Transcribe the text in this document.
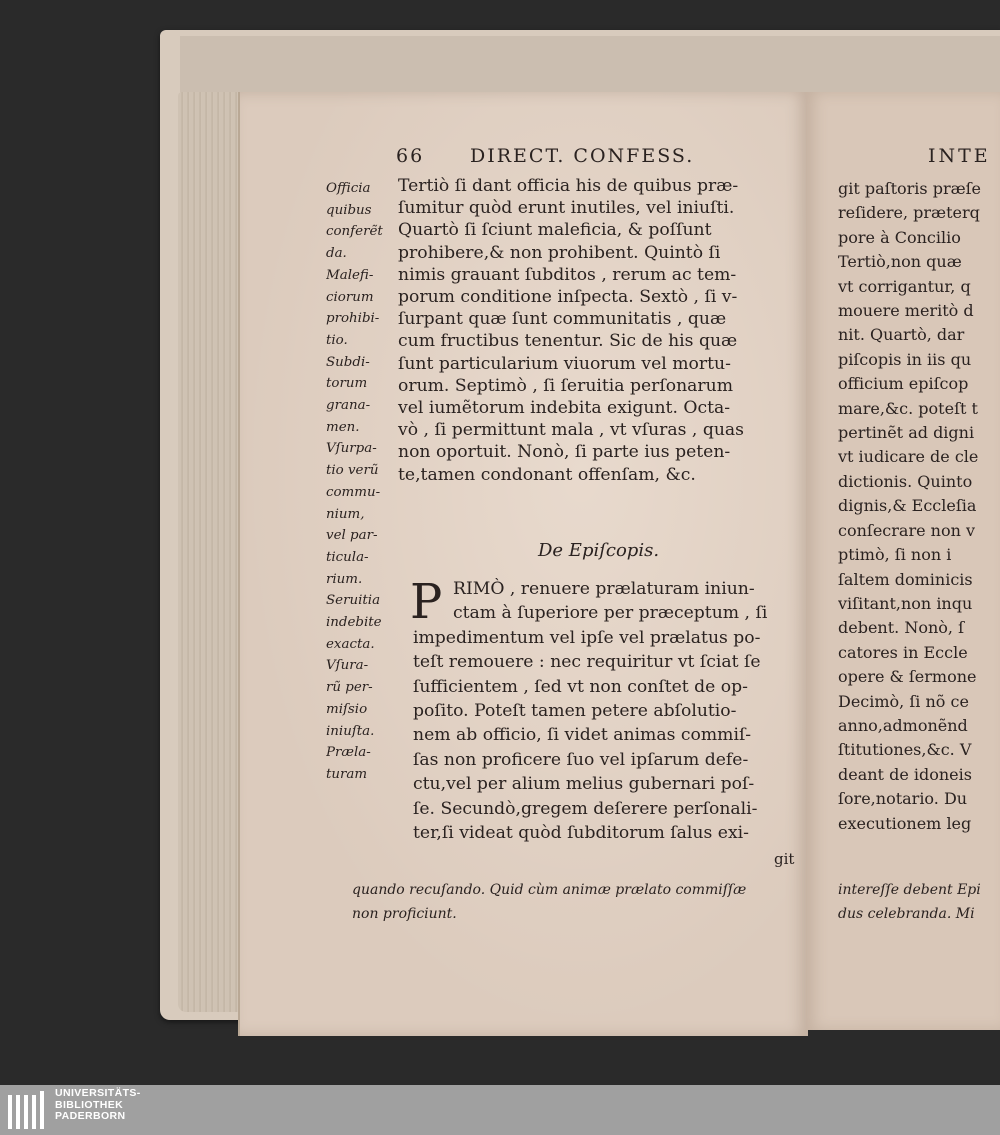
66 DIRECT. CONFESS.
Officia
quibus
conferẽt
da.
Malefi-
ciorum
prohibi-
tio.
Subdi-
torum
grana-
men.
Vſurpa-
tio verũ
commu-
nium,
vel par-
ticula-
rium.
Seruitia
indebite
exacta.
Vſura-
rũ per-
miſsio
iniuſta.
Præla-
turam
Tertiò ſi dant officia his de quibus præ-
ſumitur quòd erunt inutiles, vel iniuſti.
Quartò ſi ſciunt maleficia, & poſſunt
prohibere,& non prohibent. Quintò ſi
nimis grauant ſubditos , rerum ac tem-
porum conditione inſpecta. Sextò , ſi v-
ſurpant quæ ſunt communitatis , quæ
cum fructibus tenentur. Sic de his quæ
ſunt particularium viuorum vel mortu-
orum. Septimò , ſi ſeruitia perſonarum
vel iumẽtorum indebita exigunt. Octa-
vò , ſi permittunt mala , vt vſuras , quas
non oportuit. Nonò, ſi parte ius peten-
te,tamen condonant offenſam, &c.
De Epiſcopis.
P RIMÒ , renuere prælaturam iniun-
ctam à ſuperiore per præceptum , ſi
impedimentum vel ipſe vel prælatus po-
teſt remouere : nec requiritur vt ſciat ſe
ſufficientem , ſed vt non conſtet de op-
poſito. Poteſt tamen petere abſolutio-
nem ab officio, ſi videt animas commiſ-
ſas non proficere ſuo vel ipſarum defe-
ctu,vel per alium melius gubernari poſ-
ſe. Secundò,gregem deſerere perſonali-
ter,ſi videat quòd ſubditorum ſalus exi-
git
quando recuſando. Quid cùm animæ prælato commiſſæ
non proficiunt.
INTE
git paſtoris præſe
reſidere, præterq
pore à Concilio
Tertiò,non quæ
vt corrigantur, q
mouere meritò d
nit. Quartò, dar
piſcopis in iis qu
officium epiſcop
mare,&c. poteſt t
pertinẽt ad digni
vt iudicare de cle
dictionis. Quinto
dignis,& Eccleſia
conſecrare non v
ptimò, ſi non i
ſaltem dominicis
viſitant,non inqu
debent. Nonò, ſ
catores in Eccle
opere & ſermone
Decimò, ſi nõ ce
anno,admonẽnd
ſtitutiones,&c. V
deant de idoneis
ſore,notario. Du
executionem leg
intereſſe debent Epi
dus celebranda. Mi
UNIVERSITÄTS-
BIBLIOTHEK
PADERBORN
